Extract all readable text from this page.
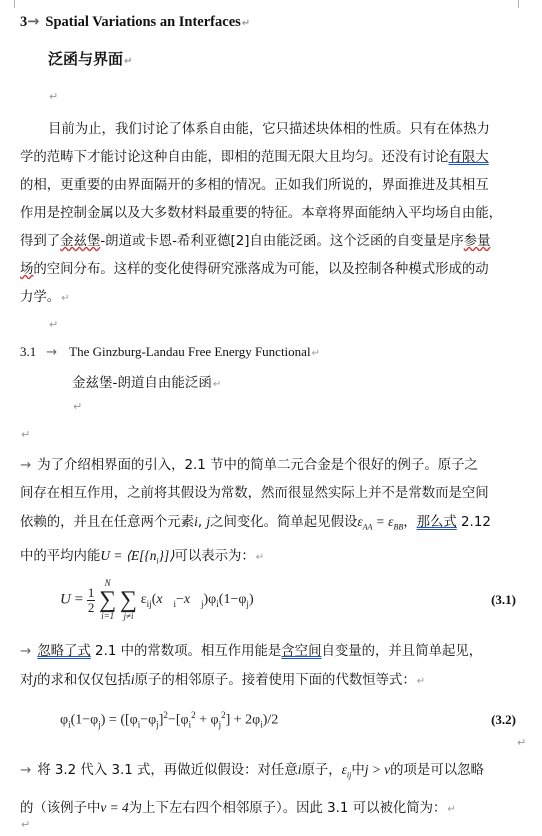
3→ Spatial Variations an Interfaces↵
泛函与界面↵
↵
目前为止，我们讨论了体系自由能，它只描述块体相的性质。只有在体热力
学的范畴下才能讨论这种自由能，即相的范围无限大且均匀。还没有讨论有限大
的相，更重要的由界面隔开的多相的情况。正如我们所说的，界面推进及其相互
作用是控制金属以及大多数材料最重要的特征。本章将界面能纳入平均场自由能，
得到了金兹堡-朗道或卡恩-希利亚德[2]自由能泛函。这个泛函的自变量是序参量
场的空间分布。这样的变化使得研究涨落成为可能，以及控制各种模式形成的动
力学。↵
↵
3.1 → The Ginzburg-Landau Free Energy Functional↵
金兹堡-朗道自由能泛函↵
↵
↵
→ 为了介绍相界面的引入，2.1 节中的简单二元合金是个很好的例子。原子之
间存在相互作用，之前将其假设为常数，然而很显然实际上并不是常数而是空间
依赖的，并且在任意两个元素i, j之间变化。简单起见假设$\varepsilon_{AA} = \varepsilon_{BB}$，那么式 2.12
中的平均内能$U = ⟨E[\{n_i\}]⟩$可以表示为：↵
$U = \frac{1}{2}$
N
∑
i=1

∑
j≠i
$\varepsilon_{ij}(x⃗_i-x⃗_j)\varphi_i(1-\varphi_j)$	(3.1)
→ 忽略了式 2.1 中的常数项。相互作用能是含空间自变量的，并且简单起见，
对j的求和仅仅包括i原子的相邻原子。接着使用下面的代数恒等式：↵
$\varphi_i(1-\varphi_j) = ([\varphi_i-\varphi_j]^2-[\varphi_i^2 + \varphi_j^2] + 2\varphi_i)/2$	(3.2)
↵
→ 将 3.2 代入 3.1 式，再做近似假设：对任意i原子，$\varepsilon_{ij}$中j > ν的项是可以忽略
的（该例子中ν = 4为上下左右四个相邻原子）。因此 3.1 可以被化简为：↵
↵
